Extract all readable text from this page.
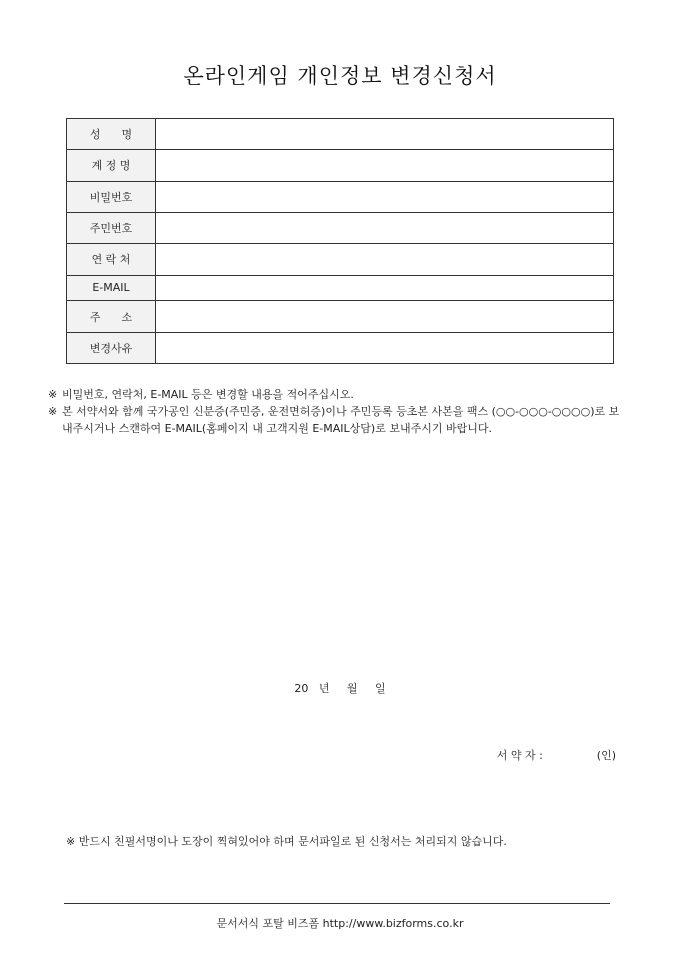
온라인게임 개인정보 변경신청서
성      명	
계 정 명	
비밀번호	
주민번호	
연 락 처	
E-MAIL	
주      소	
변경사유	
※ 비밀번호, 연락처, E-MAIL 등은 변경할 내용을 적어주십시오.
※ 본 서약서와 함께 국가공인 신분증(주민증, 운전면허증)이나 주민등록 등초본 사본을 팩스 (○○-○○○-○○○○)로 보내주시거나 스캔하여 E-MAIL(홈페이지 내 고객지원 E-MAIL상담)로 보내주시기 바랍니다.
20   년     월     일
서 약 자 :	(인)
※ 반드시 친필서명이나 도장이 찍혀있어야 하며 문서파일로 된 신청서는 처리되지 않습니다.
문서서식 포탈 비즈폼 http://www.bizforms.co.kr
